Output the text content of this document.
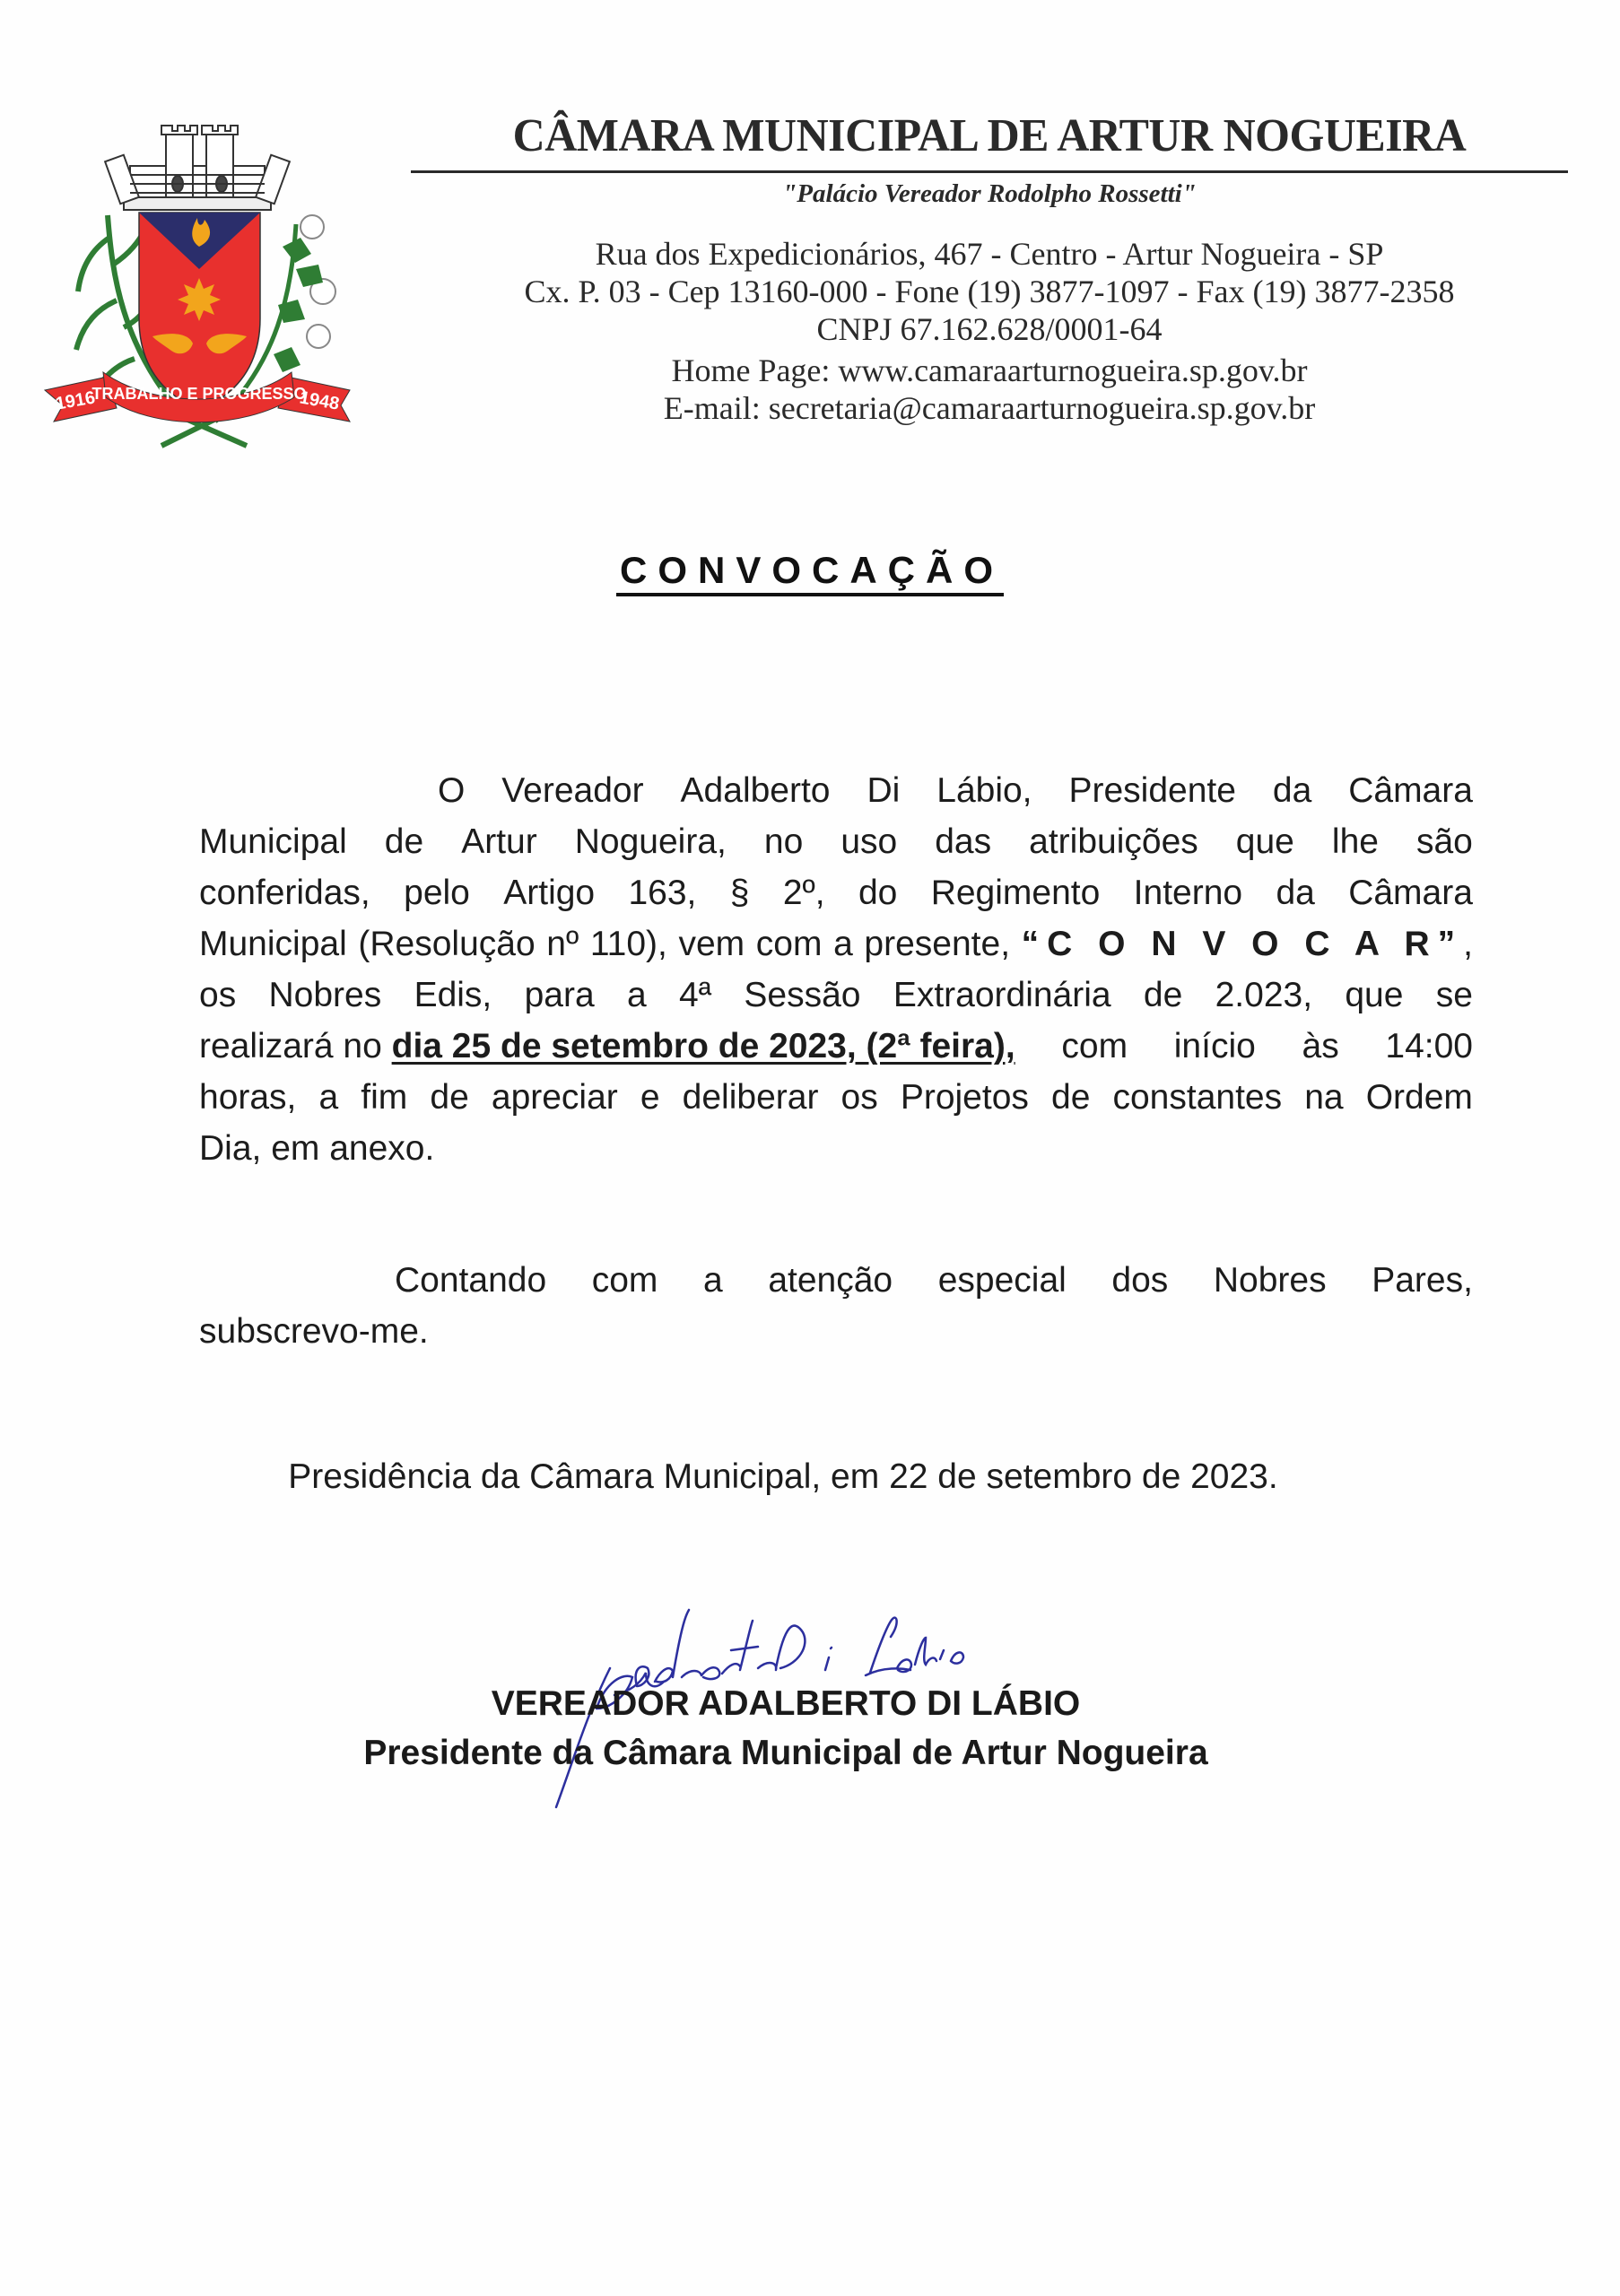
1916	1948
TRABALHO E PROGRESSO
CÂMARA MUNICIPAL DE ARTUR NOGUEIRA
"Palácio Vereador Rodolpho Rossetti"
Rua dos Expedicionários, 467 - Centro - Artur Nogueira - SP
Cx. P. 03 - Cep 13160-000 - Fone (19) 3877-1097 - Fax (19) 3877-2358
CNPJ 67.162.628/0001-64
Home Page: www.camaraarturnogueira.sp.gov.br
E-mail: secretaria@camaraarturnogueira.sp.gov.br
CONVOCAÇÃO
O Vereador Adalberto Di Lábio, Presidente da Câmara
Municipal de Artur Nogueira, no uso das atribuições que lhe são
conferidas, pelo Artigo 163, § 2º, do Regimento Interno da Câmara
Municipal (Resolução nº 110), vem com a presente, “C O N V O C A R”,
os Nobres Edis, para a 4ª Sessão Extraordinária de 2.023, que se
realizará no dia 25 de setembro de 2023, (2ª feira), com início às 14:00
horas, a fim de apreciar e deliberar os Projetos de constantes na Ordem
Dia, em anexo.
Contando com a atenção especial dos Nobres Pares,
subscrevo-me.
Presidência da Câmara Municipal, em 22 de setembro de 2023.
VEREADOR ADALBERTO DI LÁBIO
Presidente da Câmara Municipal de Artur Nogueira
